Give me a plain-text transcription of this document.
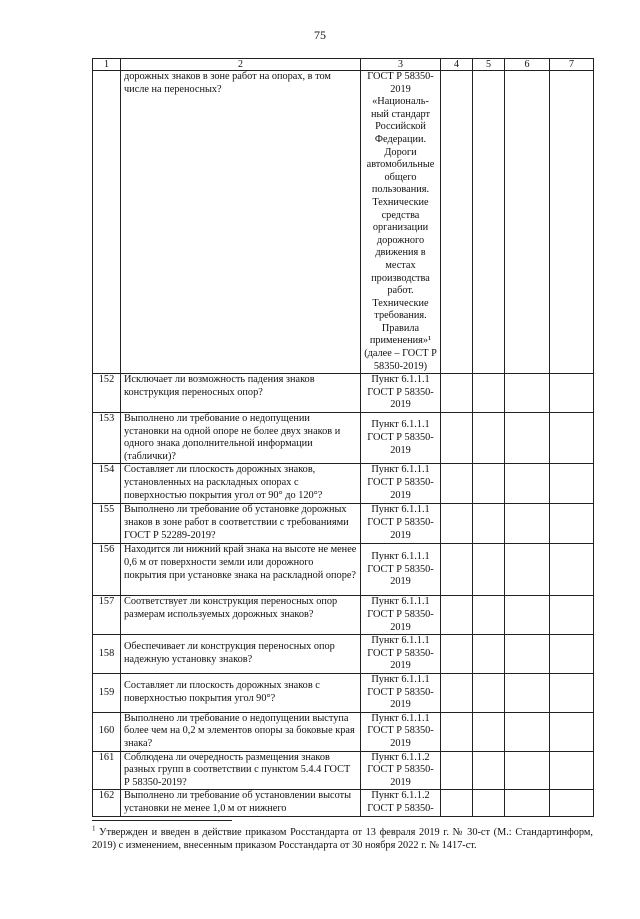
75
1	2	3	4	5	6	7
	дорожных знаков в зоне работ на опорах, в том числе на переносных?	ГОСТ Р 58350-2019 «Националь-ный стандарт Российской Федерации. Дороги автомобильные общего пользования. Технические средства организации дорожного движения в местах производства работ. Технические требования. Правила применения»¹ (далее – ГОСТ Р 58350-2019)				
152	Исключает ли возможность падения знаков конструкция переносных опор?	Пункт 6.1.1.1 ГОСТ Р 58350-2019				
153	Выполнено ли требование о недопущении установки на одной опоре не более двух знаков и одного знака дополнительной информации (таблички)?	Пункт 6.1.1.1 ГОСТ Р 58350-2019				
154	Составляет ли плоскость дорожных знаков, установленных на раскладных опорах с поверхностью покрытия угол от 90° до 120°?	Пункт 6.1.1.1 ГОСТ Р 58350-2019				
155	Выполнено ли требование об установке дорожных знаков в зоне работ в соответствии с требованиями ГОСТ Р 52289-2019?	Пункт 6.1.1.1 ГОСТ Р 58350-2019				
156	Находится ли нижний край знака на высоте не менее 0,6 м от поверхности земли или дорожного покрытия при установке знака на раскладной опоре?	Пункт 6.1.1.1 ГОСТ Р 58350-2019				
157	Соответствует ли конструкция переносных опор размерам используемых дорожных знаков?	Пункт 6.1.1.1 ГОСТ Р 58350-2019				
158	Обеспечивает ли конструкция переносных опор надежную установку знаков?	Пункт 6.1.1.1 ГОСТ Р 58350-2019				
159	Составляет ли плоскость дорожных знаков с поверхностью покрытия угол 90°?	Пункт 6.1.1.1 ГОСТ Р 58350-2019				
160	Выполнено ли требование о недопущении выступа более чем на 0,2 м элементов опоры за боковые края знака?	Пункт 6.1.1.1 ГОСТ Р 58350-2019				
161	Соблюдена ли очередность размещения знаков разных групп в соответствии с пунктом 5.4.4 ГОСТ Р 58350-2019?	Пункт 6.1.1.2 ГОСТ Р 58350-2019				
162	Выполнено ли требование об установлении высоты установки не менее 1,0 м от нижнего	Пункт 6.1.1.2 ГОСТ Р 58350-				
$^1$ Утвержден и введен в действие приказом Росстандарта от 13 февраля 2019 г. № 30-ст (М.: Стандартинформ, 2019) с изменением, внесенным приказом Росстандарта от 30 ноября 2022 г. № 1417-ст.
